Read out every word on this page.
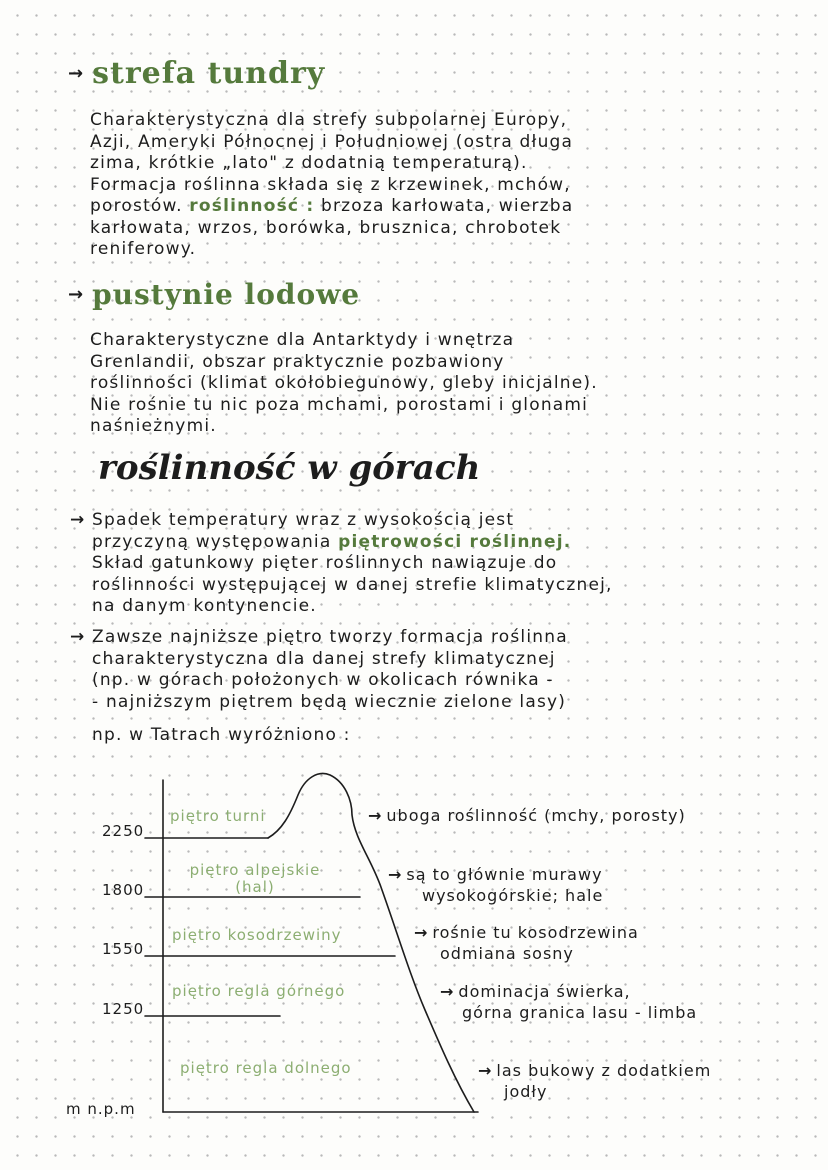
→ strefa tundry
Charakterystyczna dla strefy subpolarnej Europy,
Azji, Ameryki Północnej i Południowej (ostra długa
zima, krótkie „lato" z dodatnią temperaturą).
Formacja roślinna składa się z krzewinek, mchów,
porostów. roślinność : brzoza karłowata, wierzba
karłowata, wrzos, borówka, brusznica, chrobotek
reniferowy.
→ pustynie lodowe
Charakterystyczne dla Antarktydy i wnętrza
Grenlandii, obszar praktycznie pozbawiony
roślinności (klimat okołobiegunowy, gleby inicjalne).
Nie rośnie tu nic poza mchami, porostami i glonami
naśnieżnymi.
roślinność w górach
→ Spadek temperatury wraz z wysokością jest
przyczyną występowania piętrowości roślinnej.
Skład gatunkowy pięter roślinnych nawiązuje do
roślinności występującej w danej strefie klimatycznej,
na danym kontynencie.
→ Zawsze najniższe piętro tworzy formacja roślinna
charakterystyczna dla danej strefy klimatycznej
(np. w górach położonych w okolicach równika -
- najniższym piętrem będą wiecznie zielone lasy)
np. w Tatrach wyróżniono :
2250
1800
1550
1250
m n.p.m
piętro turni
piętro alpejskie
(hal)
piętro kosodrzewiny
piętro regla górnego
piętro regla dolnego
→ uboga roślinność (mchy, porosty)
→ są to głównie murawy
wysokogórskie; hale
→ rośnie tu kosodrzewina
odmiana sosny
→ dominacja świerka,
górna granica lasu - limba
→ las bukowy z dodatkiem
jodły
